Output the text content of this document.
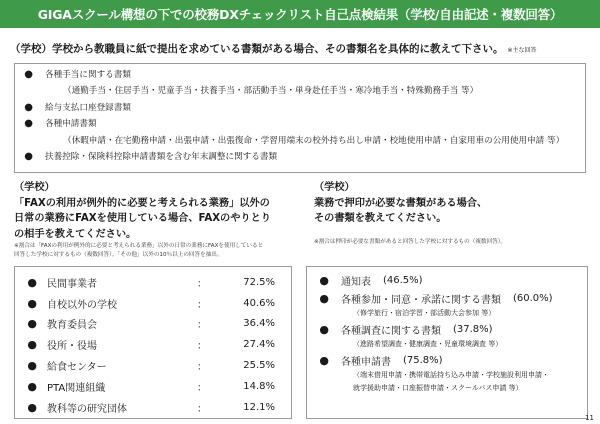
GIGAスクール構想の下での校務DXチェックリスト自己点検結果（学校/自由記述・複数回答）
（学校）学校から教職員に紙で提出を求めている書類がある場合、その書類名を具体的に教えて下さい。 ※主な回答
● 各種手当に関する書類
（通勤手当・住居手当・児童手当・扶養手当・部活動手当・単身赴任手当・寒冷地手当・特殊勤務手当 等）
● 給与支払口座登録書類
● 各種申請書類
（休暇申請・在宅勤務申請・出張申請・出張復命・学習用端末の校外持ち出し申請・校地使用申請・自家用車の公用使用申請 等）
● 扶養控除・保険料控除申請書類を含む年末調整に関する書類
（学校）
「FAXの利用が例外的に必要と考えられる業務」以外の
日常の業務にFAXを使用している場合、FAXのやりとり
の相手を教えてください。
※割合は「FAXの利用が例外的に必要と考えられる業務」以外の日常の業務にFAXを使用していると
回答した学校に対するもの（複数回答）。「その他」以外の10％以上の回答を抽出。
（学校）
業務で押印が必要な書類がある場合、
その書類を教えてください。
※割合は押印が必要な書類があると回答した学校に対するもの（複数回答）。
● 民間事業者	：	72.5%
● 自校以外の学校	：	40.6%
● 教育委員会	：	36.4%
● 役所・役場	：	27.4%
● 給食センター	：	25.5%
● PTA関連組織	：	14.8%
● 教科等の研究団体	：	12.1%
● 通知表 (46.5%)
● 各種参加・同意・承諾に関する書類 (60.0%)
（修学旅行・宿泊学習・部活動大会参加 等）
● 各種調査に関する書類 (37.8%)
（進路希望調査・健康調査・児童環境調査 等）
● 各種申請書 (75.8%)
（端末借用申請・携帯電話持ち込み申請・学校施設利用申請・
就学援助申請・口座振替申請・スクールバス申請 等）
11
